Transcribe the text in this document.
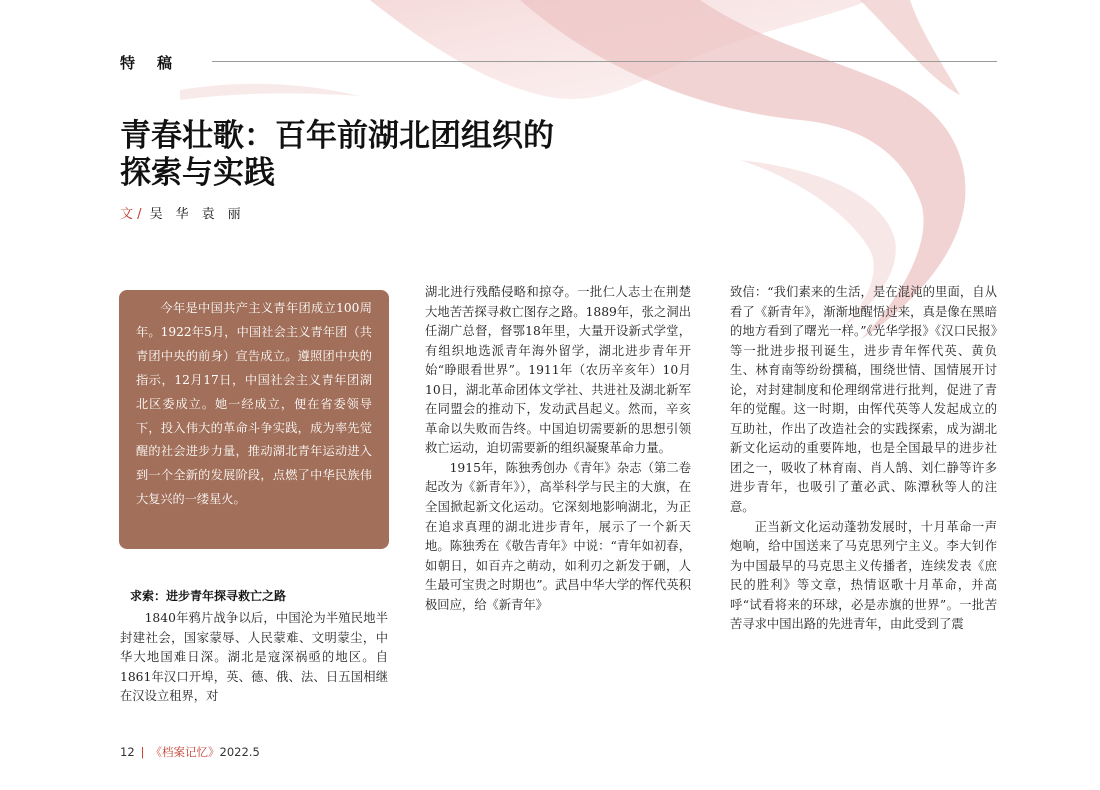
特稿
青春壮歌：百年前湖北团组织的
探索与实践
文 / 吴华袁丽
今年是中国共产主义青年团成立100周年。1922年5月，中国社会主义青年团（共青团中央的前身）宣告成立。遵照团中央的指示，12月17日，中国社会主义青年团湖北区委成立。她一经成立，便在省委领导下，投入伟大的革命斗争实践，成为率先觉醒的社会进步力量，推动湖北青年运动进入到一个全新的发展阶段，点燃了中华民族伟大复兴的一缕星火。
求索：进步青年探寻救亡之路

1840年鸦片战争以后，中国沦为半殖民地半封建社会，国家蒙辱、人民蒙难、文明蒙尘，中华大地国难日深。湖北是寇深祸亟的地区。自1861年汉口开埠，英、德、俄、法、日五国相继在汉设立租界，对

湖北进行残酷侵略和掠夺。一批仁人志士在荆楚大地苦苦探寻救亡图存之路。1889年，张之洞出任湖广总督，督鄂18年里，大量开设新式学堂，有组织地选派青年海外留学，湖北进步青年开始“睁眼看世界”。1911年（农历辛亥年）10月10日，湖北革命团体文学社、共进社及湖北新军在同盟会的推动下，发动武昌起义。然而，辛亥革命以失败而告终。中国迫切需要新的思想引领救亡运动，迫切需要新的组织凝聚革命力量。

1915年，陈独秀创办《青年》杂志（第二卷起改为《新青年》），高举科学与民主的大旗，在全国掀起新文化运动。它深刻地影响湖北，为正在追求真理的湖北进步青年，展示了一个新天地。陈独秀在《敬告青年》中说：“青年如初春，如朝日，如百卉之萌动，如利刃之新发于硎，人生最可宝贵之时期也”。武昌中华大学的恽代英积极回应，给《新青年》

致信：“我们素来的生活，是在混沌的里面，自从看了《新青年》，渐渐地醒悟过来，真是像在黑暗的地方看到了曙光一样。”《光华学报》《汉口民报》等一批进步报刊诞生，进步青年恽代英、黄负生、林育南等纷纷撰稿，围绕世情、国情展开讨论，对封建制度和伦理纲常进行批判，促进了青年的觉醒。这一时期，由恽代英等人发起成立的互助社，作出了改造社会的实践探索，成为湖北新文化运动的重要阵地，也是全国最早的进步社团之一，吸收了林育南、肖人鹄、刘仁静等许多进步青年，也吸引了董必武、陈潭秋等人的注意。

正当新文化运动蓬勃发展时，十月革命一声炮响，给中国送来了马克思列宁主义。李大钊作为中国最早的马克思主义传播者，连续发表《庶民的胜利》等文章，热情讴歌十月革命，并高呼“试看将来的环球，必是赤旗的世界”。一批苦苦寻求中国出路的先进青年，由此受到了震

12 | 《档案记忆》2022.5
